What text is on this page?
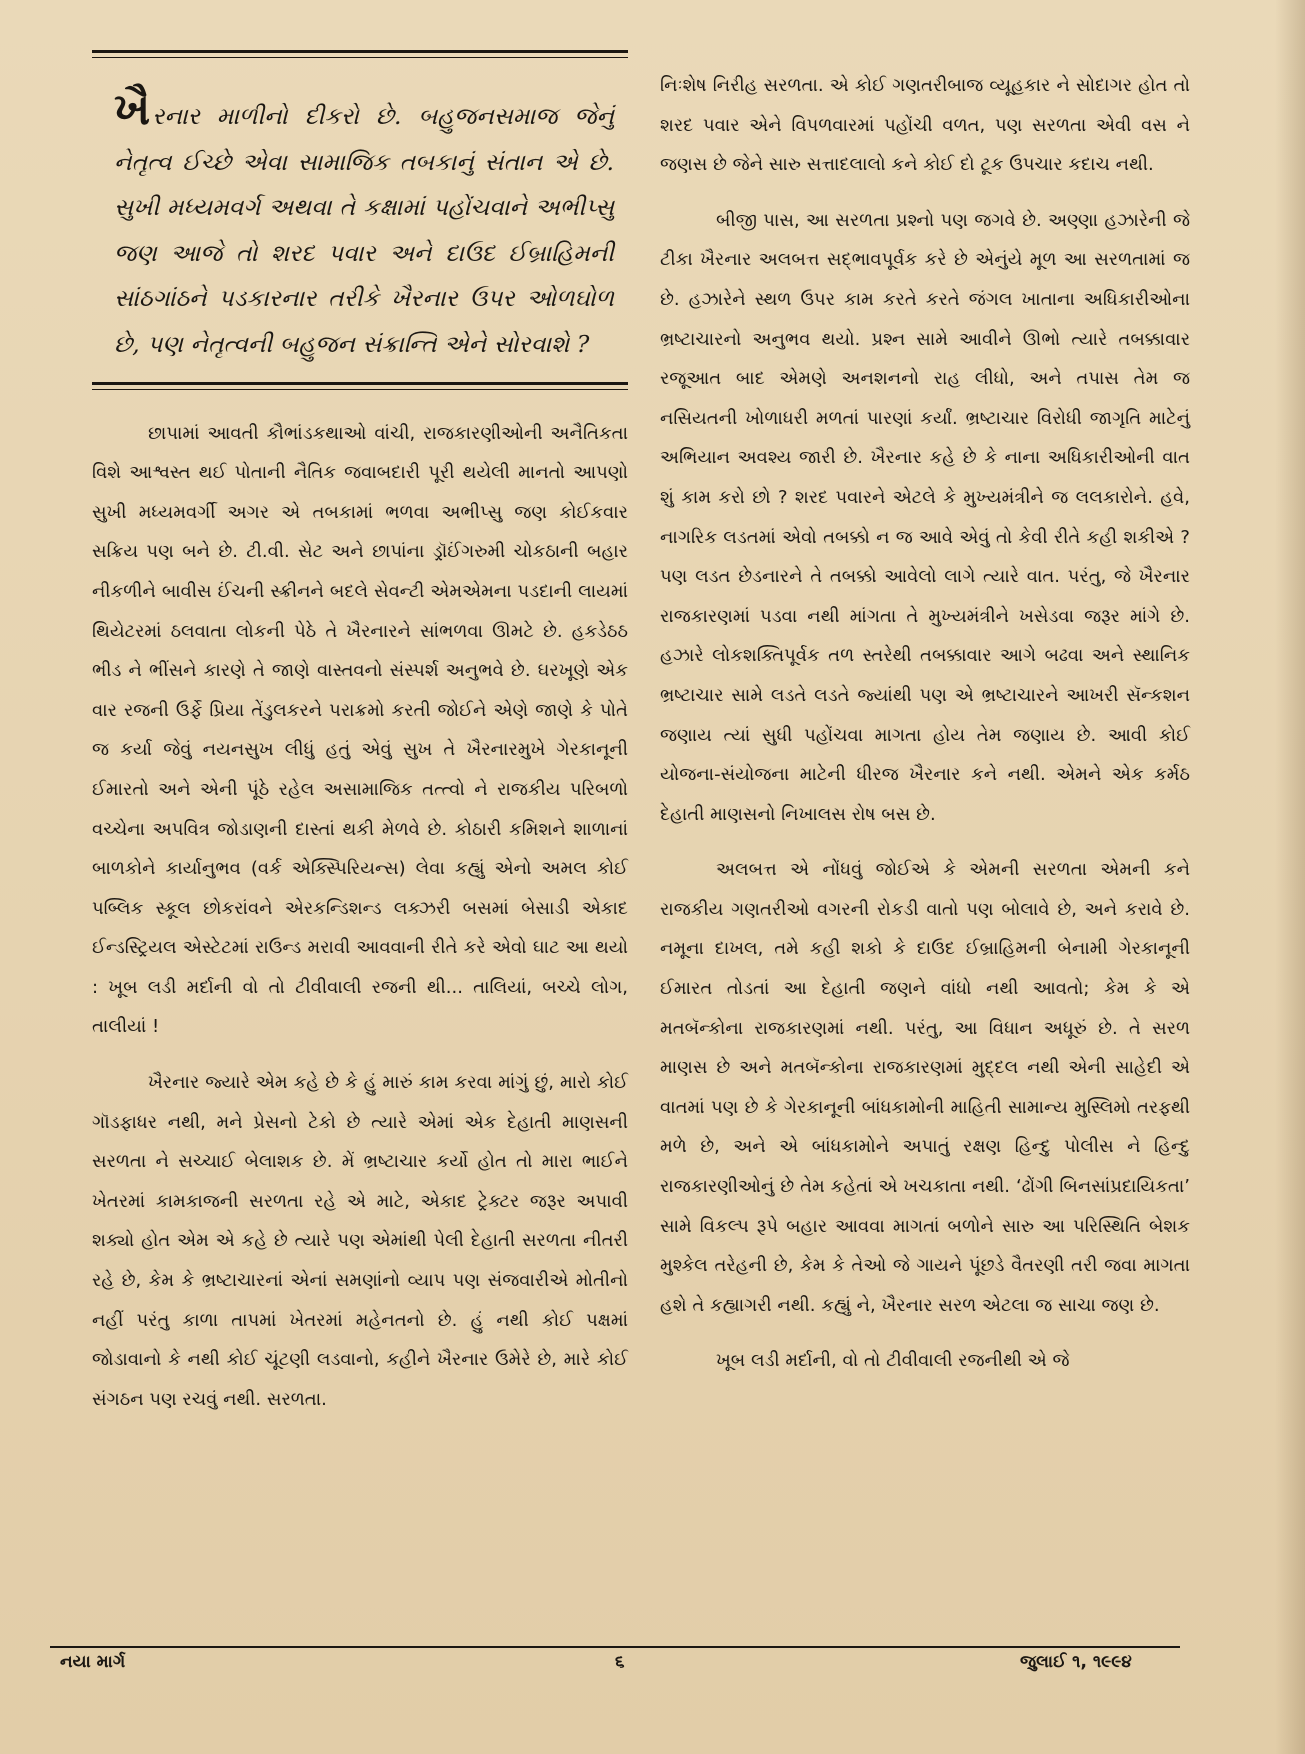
ખૈરનાર માળીનો દીકરો છે. બહુજનસમાજ જેનું નેતૃત્વ ઈચ્છે એવા સામાજિક તબકાનું સંતાન એ છે. સુખી મધ્યમવર્ગ અથવા તે કક્ષામાં પહોંચવાને અભીપ્સુ જણ આજે તો શરદ પવાર અને દાઉદ ઈબ્રાહિમની સાંઠગાંઠને પડકારનાર તરીકે ખૈરનાર ઉપર ઓળઘોળ છે, પણ નેતૃત્વની બહુજન સંક્રાન્તિ એને સોરવાશે ?

છાપામાં આવતી કૌભાંડકથાઓ વાંચી, રાજકારણીઓની અનૈતિકતા વિશે આશ્વસ્ત થઈ પોતાની નૈતિક જવાબદારી પૂરી થયેલી માનતો આપણો સુખી મધ્યમવર્ગી અગર એ તબકામાં ભળવા અભીપ્સુ જણ કોઈકવાર સક્રિય પણ બને છે. ટી.વી. સેટ અને છાપાંના ડ્રૉઈંગરુમી ચોકઠાની બહાર નીકળીને બાવીસ ઈંચની સ્ક્રીનને બદલે સેવન્ટી એમએમના પડદાની લાયમાં થિયેટરમાં ઠલવાતા લોકની પેઠે તે ખૈરનારને સાંભળવા ઊમટે છે. હકડેઠઠ ભીડ ને ભીંસને કારણે તે જાણે વાસ્તવનો સંસ્પર્શ અનુભવે છે. ઘરખૂણે એક વાર રજની ઉર્ફે પ્રિયા તેંડુલકરને પરાક્રમો કરતી જોઈને એણે જાણે કે પોતે જ કર્યા જેવું નયનસુખ લીધું હતું એવું સુખ તે ખૈરનારમુખે ગેરકાનૂની ઈમારતો અને એની પૂંઠે રહેલ અસામાજિક તત્ત્વો ને રાજકીય પરિબળો વચ્ચેના અપવિત્ર જોડાણની દાસ્તાં થકી મેળવે છે. કોઠારી કમિશને શાળાનાં બાળકોને કાર્યાનુભવ (વર્ક એક્સ્પિરિયન્સ) લેવા કહ્યું એનો અમલ કોઈ પબ્લિક સ્કૂલ છોકરાંવને એરકન્ડિશન્ડ લક્ઝરી બસમાં બેસાડી એકાદ ઈન્ડસ્ટ્રિયલ એસ્ટેટમાં રાઉન્ડ મરાવી આવવાની રીતે કરે એવો ઘાટ આ થયો : ખૂબ લડી મર્દાની વો તો ટીવીવાલી રજની થી... તાલિયાં, બચ્ચે લોગ, તાલીયાં !

ખૈરનાર જ્યારે એમ કહે છે કે હું મારું કામ કરવા માંગું છું, મારો કોઈ ગૉડફાધર નથી, મને પ્રેસનો ટેકો છે ત્યારે એમાં એક દેહાતી માણસની સરળતા ને સચ્ચાઈ બેલાશક છે. મેં ભ્રષ્ટાચાર કર્યો હોત તો મારા ભાઈને ખેતરમાં કામકાજની સરળતા રહે એ માટે, એકાદ ટ્રેક્ટર જરૂર અપાવી શક્યો હોત એમ એ કહે છે ત્યારે પણ એમાંથી પેલી દેહાતી સરળતા નીતરી રહે છે, કેમ કે ભ્રષ્ટાચારનાં એનાં સમણાંનો વ્યાપ પણ સંજવારીએ મોતીનો નહીં પરંતુ કાળા તાપમાં ખેતરમાં મહેનતનો છે. હું નથી કોઈ પક્ષમાં જોડાવાનો કે નથી કોઈ ચૂંટણી લડવાનો, કહીને ખૈરનાર ઉમેરે છે, મારે કોઈ સંગઠન પણ રચવું નથી. સરળતા.

નિઃશેષ નિરીહ સરળતા. એ કોઈ ગણતરીબાજ વ્યૂહકાર ને સોદાગર હોત તો શરદ પવાર એને વિપળવારમાં પહોંચી વળત, પણ સરળતા એવી વસ ને જણસ છે જેને સારુ સત્તાદલાલો કને કોઈ દો ટૂક ઉપચાર કદાચ નથી.

બીજી પાસ, આ સરળતા પ્રશ્નો પણ જગવે છે. અણ્ણા હઝારેની જે ટીકા ખૈરનાર અલબત્ત સદ્ભાવપૂર્વક કરે છે એનુંયે મૂળ આ સરળતામાં જ છે. હઝારેને સ્થળ ઉપર કામ કરતે કરતે જંગલ ખાતાના અધિકારીઓના ભ્રષ્ટાચારનો અનુભવ થયો. પ્રશ્ન સામે આવીને ઊભો ત્યારે તબક્કાવાર રજૂઆત બાદ એમણે અનશનનો રાહ લીધો, અને તપાસ તેમ જ નસિયતની ખોળાધરી મળતાં પારણાં કર્યાં. ભ્રષ્ટાચાર વિરોધી જાગૃતિ માટેનું અભિયાન અવશ્ય જારી છે. ખૈરનાર કહે છે કે નાના અધિકારીઓની વાત શું કામ કરો છો ? શરદ પવારને એટલે કે મુખ્યમંત્રીને જ લલકારોને. હવે, નાગરિક લડતમાં એવો તબક્કો ન જ આવે એવું તો કેવી રીતે કહી શકીએ ? પણ લડત છેડનારને તે તબક્કો આવેલો લાગે ત્યારે વાત. પરંતુ, જે ખૈરનાર રાજકારણમાં પડવા નથી માંગતા તે મુખ્યમંત્રીને ખસેડવા જરૂર માંગે છે. હઝારે લોકશક્તિપૂર્વક તળ સ્તરેથી તબક્કાવાર આગે બઢવા અને સ્થાનિક ભ્રષ્ટાચાર સામે લડતે લડતે જ્યાંથી પણ એ ભ્રષ્ટાચારને આખરી સૅન્કશન જણાય ત્યાં સુધી પહોંચવા માગતા હોય તેમ જણાય છે. આવી કોઈ યોજના-સંયોજના માટેની ધીરજ ખૈરનાર કને નથી. એમને એક કર્મઠ દેહાતી માણસનો નિખાલસ રોષ બસ છે.

અલબત્ત એ નોંધવું જોઈએ કે એમની સરળતા એમની કને રાજકીય ગણતરીઓ વગરની રોકડી વાતો પણ બોલાવે છે, અને કરાવે છે. નમૂના દાખલ, તમે કહી શકો કે દાઉદ ઈબ્રાહિમની બેનામી ગેરકાનૂની ઈમારત તોડતાં આ દેહાતી જણને વાંધો નથી આવતો; કેમ કે એ મતબૅન્કોના રાજકારણમાં નથી. પરંતુ, આ વિધાન અધૂરું છે. તે સરળ માણસ છે અને મતબૅન્કોના રાજકારણમાં મુદ્દલ નથી એની સાહેદી એ વાતમાં પણ છે કે ગેરકાનૂની બાંધકામોની માહિતી સામાન્ય મુસ્લિમો તરફથી મળે છે, અને એ બાંધકામોને અપાતું રક્ષણ હિન્દુ પોલીસ ને હિન્દુ રાજકારણીઓનું છે તેમ કહેતાં એ ખચકાતા નથી. ‘ઢોંગી બિનસાંપ્રદાયિકતા’ સામે વિકલ્પ રૂપે બહાર આવવા માગતાં બળોને સારુ આ પરિસ્થિતિ બેશક મુશ્કેલ તરેહની છે, કેમ કે તેઓ જે ગાયને પૂંછડે વૈતરણી તરી જવા માગતા હશે તે કહ્યાગરી નથી. કહ્યું ને, ખૈરનાર સરળ એટલા જ સાચા જણ છે.

ખૂબ લડી મર્દાની, વો તો ટીવીવાલી રજનીથી એ જે

નયા માર્ગ	૬	જુલાઈ ૧, ૧૯૯૪
